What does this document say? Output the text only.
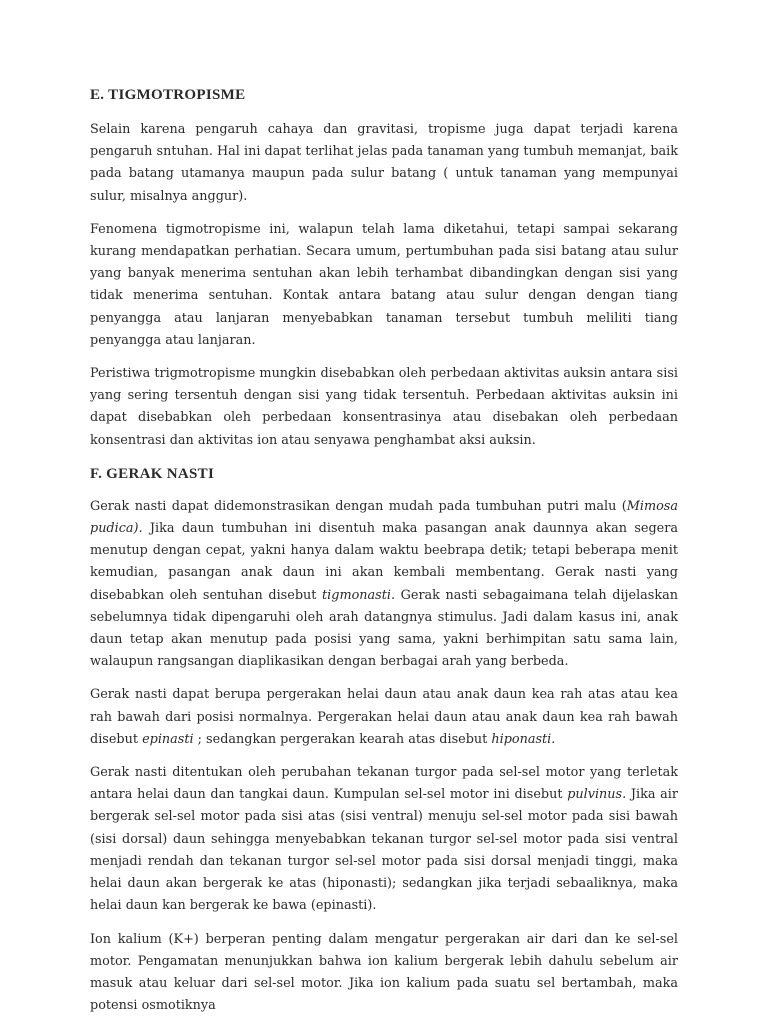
E. TIGMOTROPISME

Selain karena pengaruh cahaya dan gravitasi, tropisme juga dapat terjadi karena pengaruh sntuhan. Hal ini dapat terlihat jelas pada tanaman yang tumbuh memanjat, baik pada batang utamanya maupun pada sulur batang ( untuk tanaman yang mempunyai sulur, misalnya anggur).

Fenomena tigmotropisme ini, walapun telah lama diketahui, tetapi sampai sekarang kurang mendapatkan perhatian. Secara umum, pertumbuhan pada sisi batang atau sulur yang banyak menerima sentuhan akan lebih terhambat dibandingkan dengan sisi yang tidak menerima sentuhan. Kontak antara batang atau sulur dengan dengan tiang penyangga atau lanjaran menyebabkan tanaman tersebut tumbuh meliliti tiang penyangga atau lanjaran.

Peristiwa trigmotropisme mungkin disebabkan oleh perbedaan aktivitas auksin antara sisi yang sering tersentuh dengan sisi yang tidak tersentuh. Perbedaan aktivitas auksin ini dapat disebabkan oleh perbedaan konsentrasinya atau disebakan oleh perbedaan konsentrasi dan aktivitas ion atau senyawa penghambat aksi auksin.

F. GERAK NASTI

Gerak nasti dapat didemonstrasikan dengan mudah pada tumbuhan putri malu (Mimosa pudica). Jika daun tumbuhan ini disentuh maka pasangan anak daunnya akan segera menutup dengan cepat, yakni hanya dalam waktu beebrapa detik; tetapi beberapa menit kemudian, pasangan anak daun ini akan kembali membentang. Gerak nasti yang disebabkan oleh sentuhan disebut tigmonasti. Gerak nasti sebagaimana telah dijelaskan sebelumnya tidak dipengaruhi oleh arah datangnya stimulus. Jadi dalam kasus ini, anak daun tetap akan menutup pada posisi yang sama, yakni berhimpitan satu sama lain, walaupun rangsangan diaplikasikan dengan berbagai arah yang berbeda.

Gerak nasti dapat berupa pergerakan helai daun atau anak daun kea rah atas atau kea rah bawah dari posisi normalnya. Pergerakan helai daun atau anak daun kea rah bawah disebut epinasti ; sedangkan pergerakan kearah atas disebut hiponasti.

Gerak nasti ditentukan oleh perubahan tekanan turgor pada sel-sel motor yang terletak antara helai daun dan tangkai daun. Kumpulan sel-sel motor ini disebut pulvinus. Jika air bergerak sel-sel motor pada sisi atas (sisi ventral) menuju sel-sel motor pada sisi bawah (sisi dorsal) daun sehingga menyebabkan tekanan turgor sel-sel motor pada sisi ventral menjadi rendah dan tekanan turgor sel-sel motor pada sisi dorsal menjadi tinggi, maka helai daun akan bergerak ke atas (hiponasti); sedangkan jika terjadi sebaaliknya, maka helai daun kan bergerak ke bawa (epinasti).

Ion kalium (K+) berperan penting dalam mengatur pergerakan air dari dan ke sel-sel motor. Pengamatan menunjukkan bahwa ion kalium bergerak lebih dahulu sebelum air masuk atau keluar dari sel-sel motor. Jika ion kalium pada suatu sel bertambah, maka potensi osmotiknya
